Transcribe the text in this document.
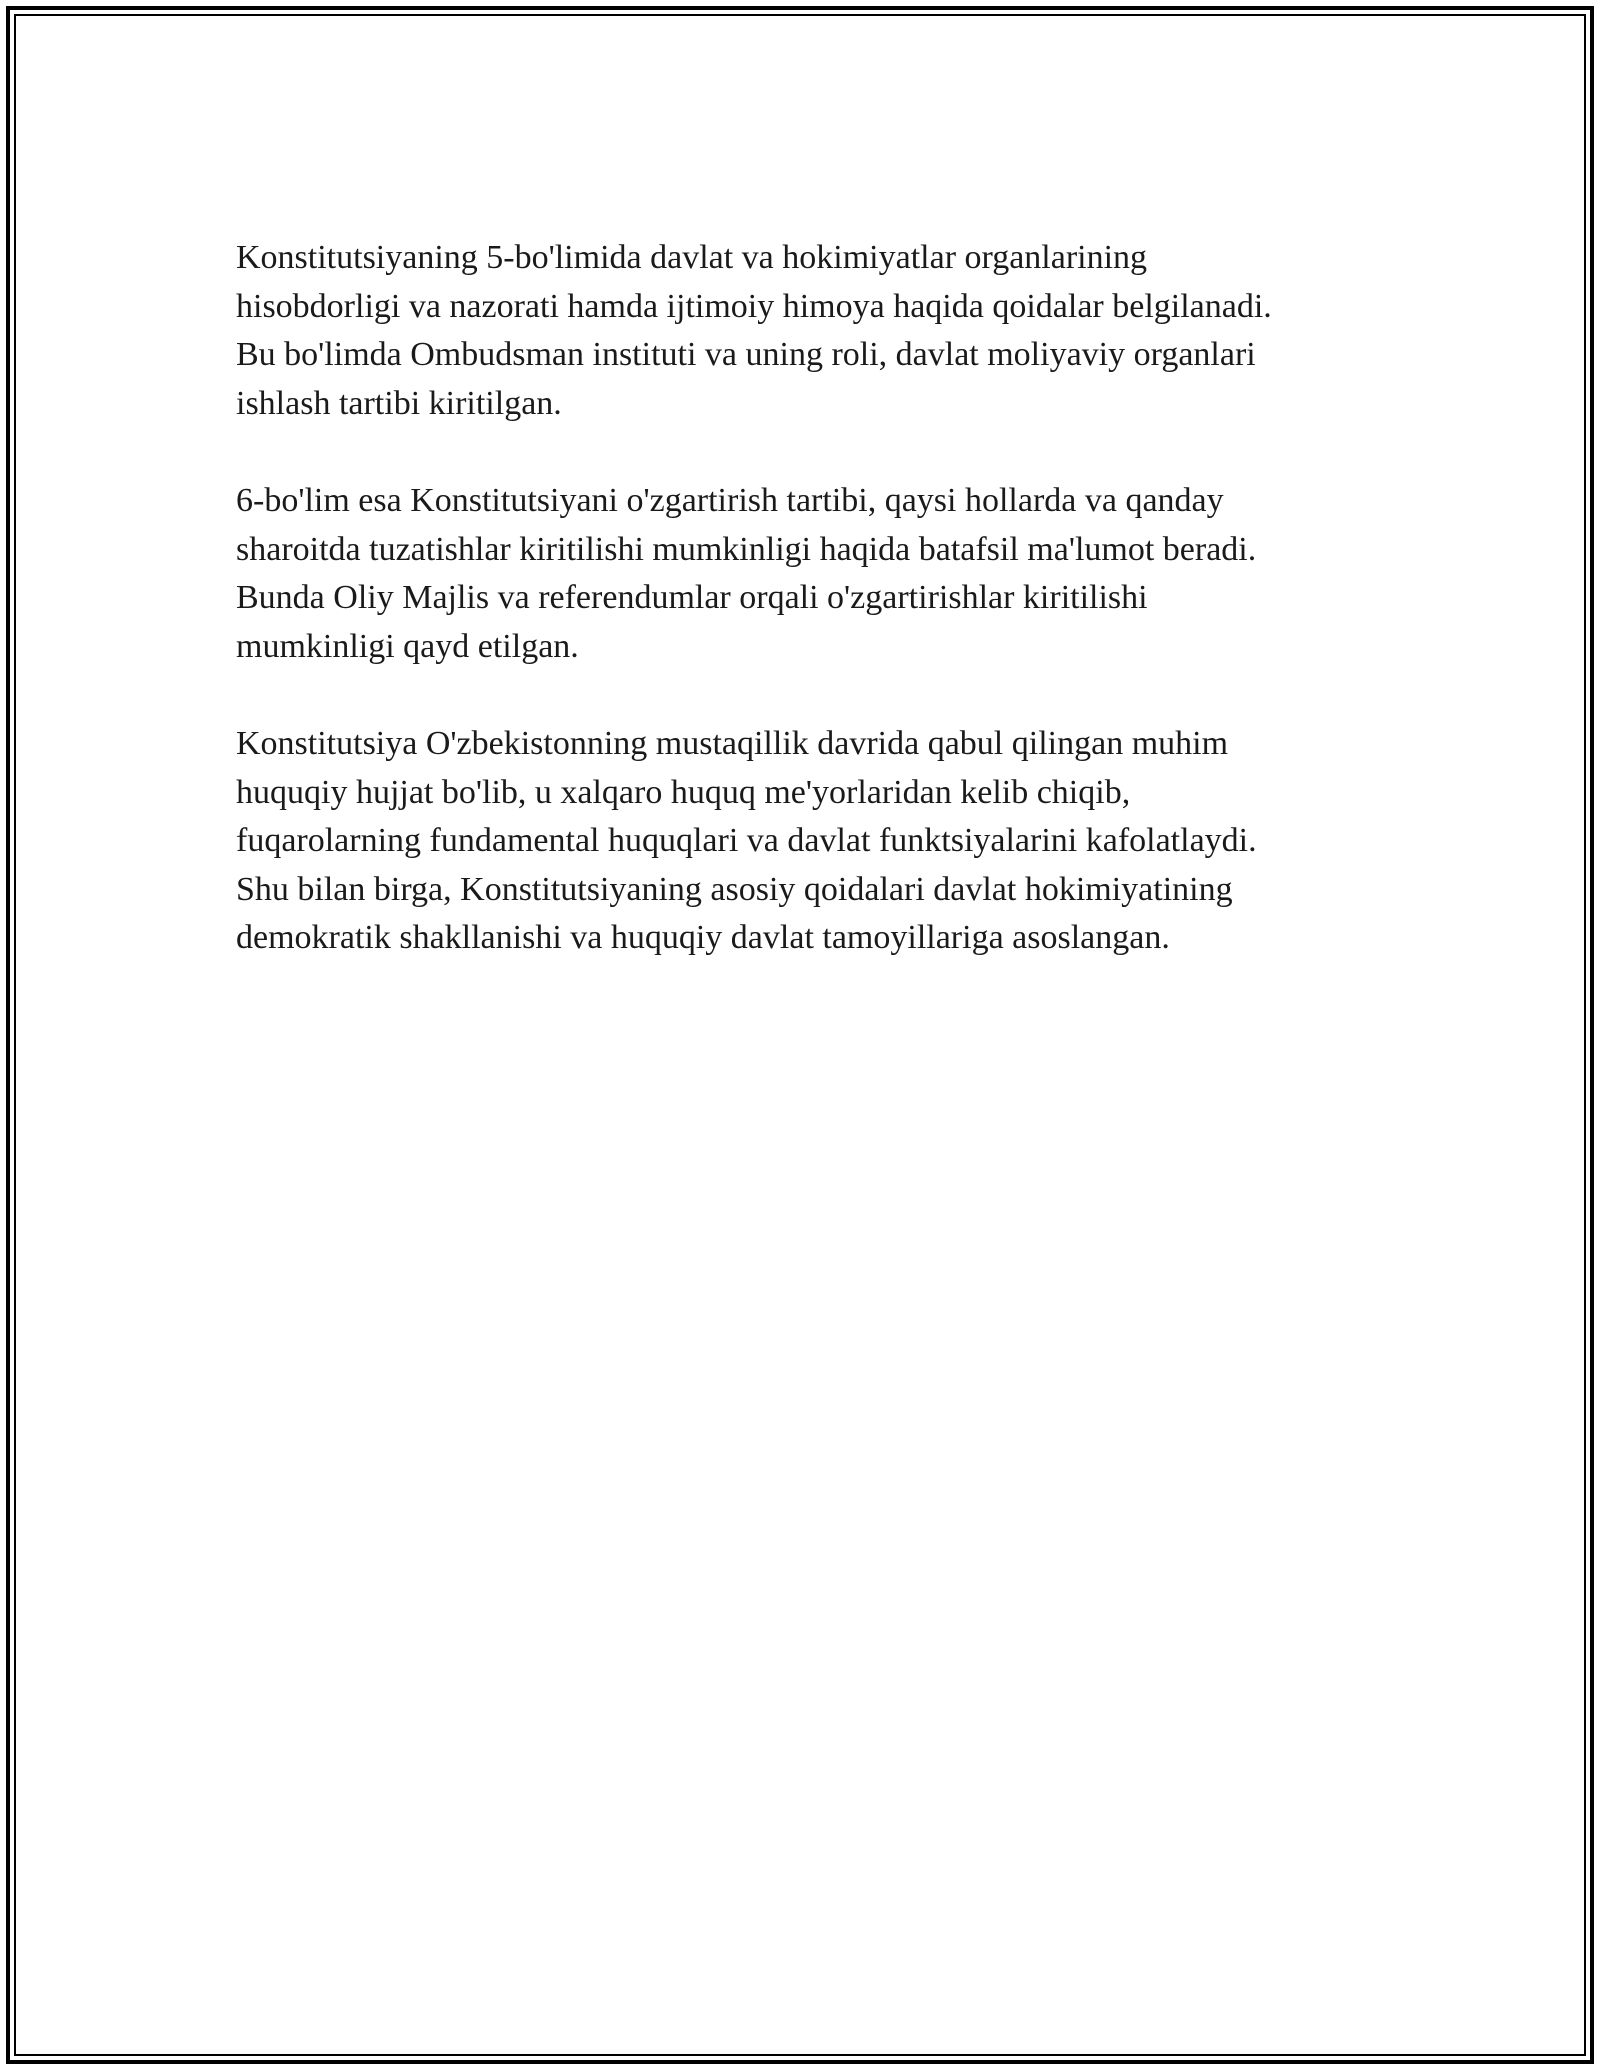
Konstitutsiyaning 5-bo'limida davlat va hokimiyatlar organlarining
hisobdorligi va nazorati hamda ijtimoiy himoya haqida qoidalar belgilanadi.
Bu bo'limda Ombudsman instituti va uning roli, davlat moliyaviy organlari
ishlash tartibi kiritilgan.

6-bo'lim esa Konstitutsiyani o'zgartirish tartibi, qaysi hollarda va qanday
sharoitda tuzatishlar kiritilishi mumkinligi haqida batafsil ma'lumot beradi.
Bunda Oliy Majlis va referendumlar orqali o'zgartirishlar kiritilishi
mumkinligi qayd etilgan.

Konstitutsiya O'zbekistonning mustaqillik davrida qabul qilingan muhim
huquqiy hujjat bo'lib, u xalqaro huquq me'yorlaridan kelib chiqib,
fuqarolarning fundamental huquqlari va davlat funktsiyalarini kafolatlaydi.
Shu bilan birga, Konstitutsiyaning asosiy qoidalari davlat hokimiyatining
demokratik shakllanishi va huquqiy davlat tamoyillariga asoslangan.
